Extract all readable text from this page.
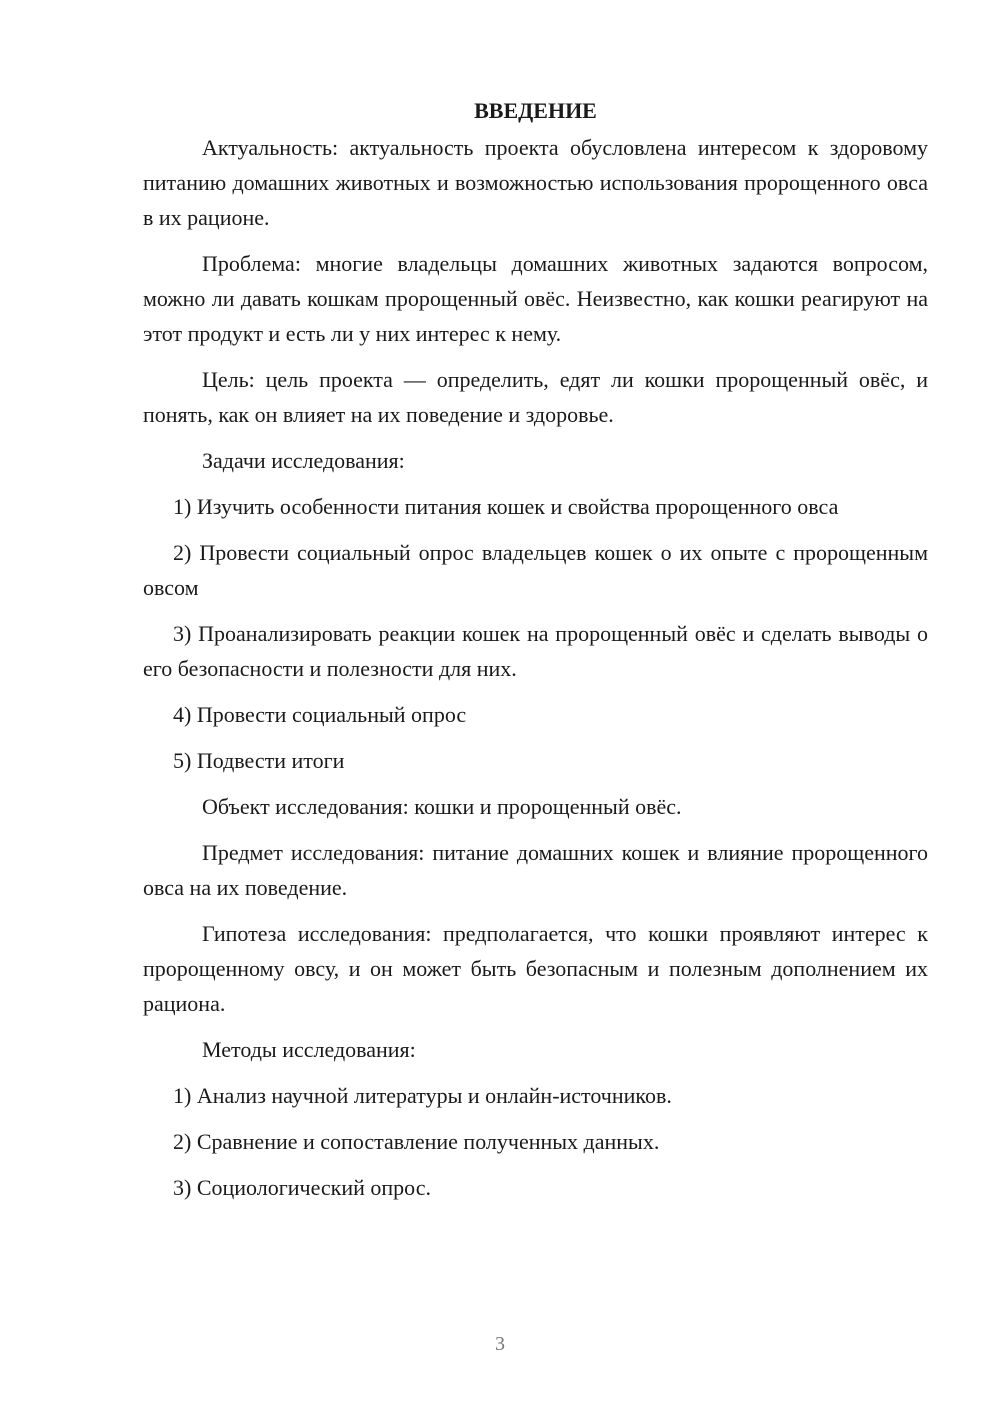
ВВЕДЕНИЕ
Актуальность: актуальность проекта обусловлена интересом к здоровому питанию домашних животных и возможностью использования пророщенного овса в их рационе.
Проблема: многие владельцы домашних животных задаются вопросом, можно ли давать кошкам пророщенный овёс. Неизвестно, как кошки реагируют на этот продукт и есть ли у них интерес к нему.
Цель: цель проекта — определить, едят ли кошки пророщенный овёс, и понять, как он влияет на их поведение и здоровье.
Задачи исследования:
1) Изучить особенности питания кошек и свойства пророщенного овса
2) Провести социальный опрос владельцев кошек о их опыте с пророщенным овсом
3) Проанализировать реакции кошек на пророщенный овёс и сделать выводы о его безопасности и полезности для них.
4) Провести социальный опрос
5) Подвести итоги
Объект исследования: кошки и пророщенный овёс.
Предмет исследования: питание домашних кошек и влияние пророщенного овса на их поведение.
Гипотеза исследования: предполагается, что кошки проявляют интерес к пророщенному овсу, и он может быть безопасным и полезным дополнением их рациона.
Методы исследования:
1) Анализ научной литературы и онлайн-источников.
2) Сравнение и сопоставление полученных данных.
3) Социологический опрос.
3
